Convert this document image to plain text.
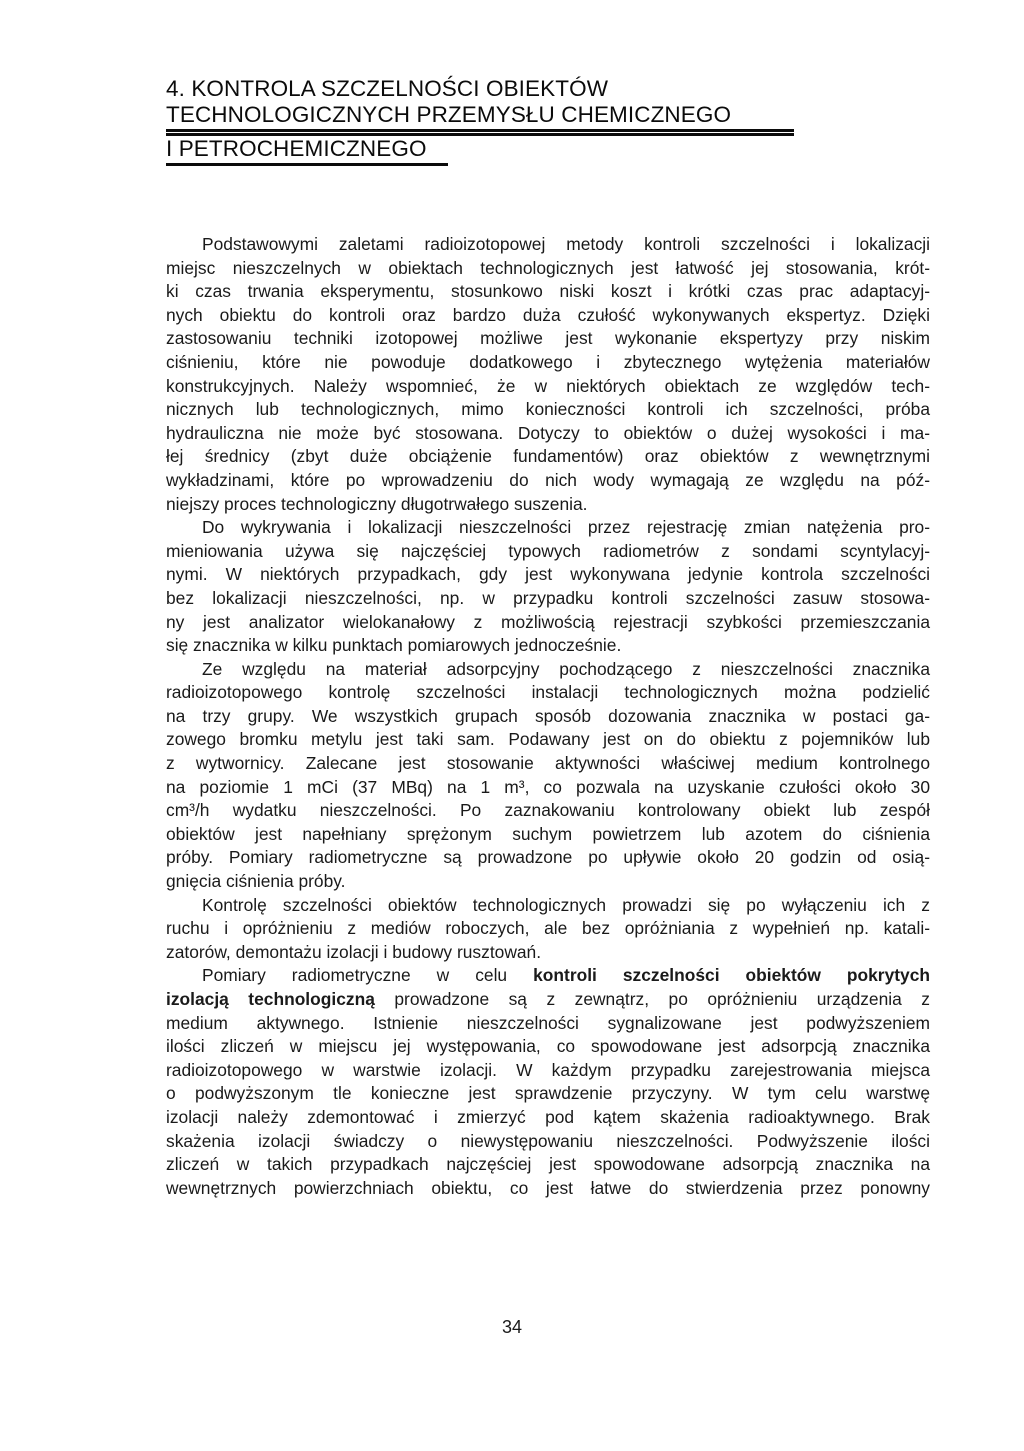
4. KONTROLA SZCZELNOŚCI OBIEKTÓW
TECHNOLOGICZNYCH PRZEMYSŁU CHEMICZNEGO
I PETROCHEMICZNEGO
Podstawowymi zaletami radioizotopowej metody kontroli szczelności i lokalizacji
miejsc nieszczelnych w obiektach technologicznych jest łatwość jej stosowania, krót-
ki czas trwania eksperymentu, stosunkowo niski koszt i krótki czas prac adaptacyj-
nych obiektu do kontroli oraz bardzo duża czułość wykonywanych ekspertyz. Dzięki
zastosowaniu techniki izotopowej możliwe jest wykonanie ekspertyzy przy niskim
ciśnieniu, które nie powoduje dodatkowego i zbytecznego wytężenia materiałów
konstrukcyjnych. Należy wspomnieć, że w niektórych obiektach ze względów tech-
nicznych lub technologicznych, mimo konieczności kontroli ich szczelności, próba
hydrauliczna nie może być stosowana. Dotyczy to obiektów o dużej wysokości i ma-
łej średnicy (zbyt duże obciążenie fundamentów) oraz obiektów z wewnętrznymi
wykładzinami, które po wprowadzeniu do nich wody wymagają ze względu na póź-
niejszy proces technologiczny długotrwałego suszenia.
Do wykrywania i lokalizacji nieszczelności przez rejestrację zmian natężenia pro-
mieniowania używa się najczęściej typowych radiometrów z sondami scyntylacyj-
nymi. W niektórych przypadkach, gdy jest wykonywana jedynie kontrola szczelności
bez lokalizacji nieszczelności, np. w przypadku kontroli szczelności zasuw stosowa-
ny jest analizator wielokanałowy z możliwością rejestracji szybkości przemieszczania
się znacznika w kilku punktach pomiarowych jednocześnie.
Ze względu na materiał adsorpcyjny pochodzącego z nieszczelności znacznika
radioizotopowego kontrolę szczelności instalacji technologicznych można podzielić
na trzy grupy. We wszystkich grupach sposób dozowania znacznika w postaci ga-
zowego bromku metylu jest taki sam. Podawany jest on do obiektu z pojemników lub
z wytwornicy. Zalecane jest stosowanie aktywności właściwej medium kontrolnego
na poziomie 1 mCi (37 MBq) na 1 m³, co pozwala na uzyskanie czułości około 30
cm³/h wydatku nieszczelności. Po zaznakowaniu kontrolowany obiekt lub zespół
obiektów jest napełniany sprężonym suchym powietrzem lub azotem do ciśnienia
próby. Pomiary radiometryczne są prowadzone po upływie około 20 godzin od osią-
gnięcia ciśnienia próby.
Kontrolę szczelności obiektów technologicznych prowadzi się po wyłączeniu ich z
ruchu i opróżnieniu z mediów roboczych, ale bez opróżniania z wypełnień np. katali-
zatorów, demontażu izolacji i budowy rusztowań.
Pomiary radiometryczne w celu kontroli szczelności obiektów pokrytych
izolacją technologiczną prowadzone są z zewnątrz, po opróżnieniu urządzenia z
medium aktywnego. Istnienie nieszczelności sygnalizowane jest podwyższeniem
ilości zliczeń w miejscu jej występowania, co spowodowane jest adsorpcją znacznika
radioizotopowego w warstwie izolacji. W każdym przypadku zarejestrowania miejsca
o podwyższonym tle konieczne jest sprawdzenie przyczyny. W tym celu warstwę
izolacji należy zdemontować i zmierzyć pod kątem skażenia radioaktywnego. Brak
skażenia izolacji świadczy o niewystępowaniu nieszczelności. Podwyższenie ilości
zliczeń w takich przypadkach najczęściej jest spowodowane adsorpcją znacznika na
wewnętrznych powierzchniach obiektu, co jest łatwe do stwierdzenia przez ponowny
34
